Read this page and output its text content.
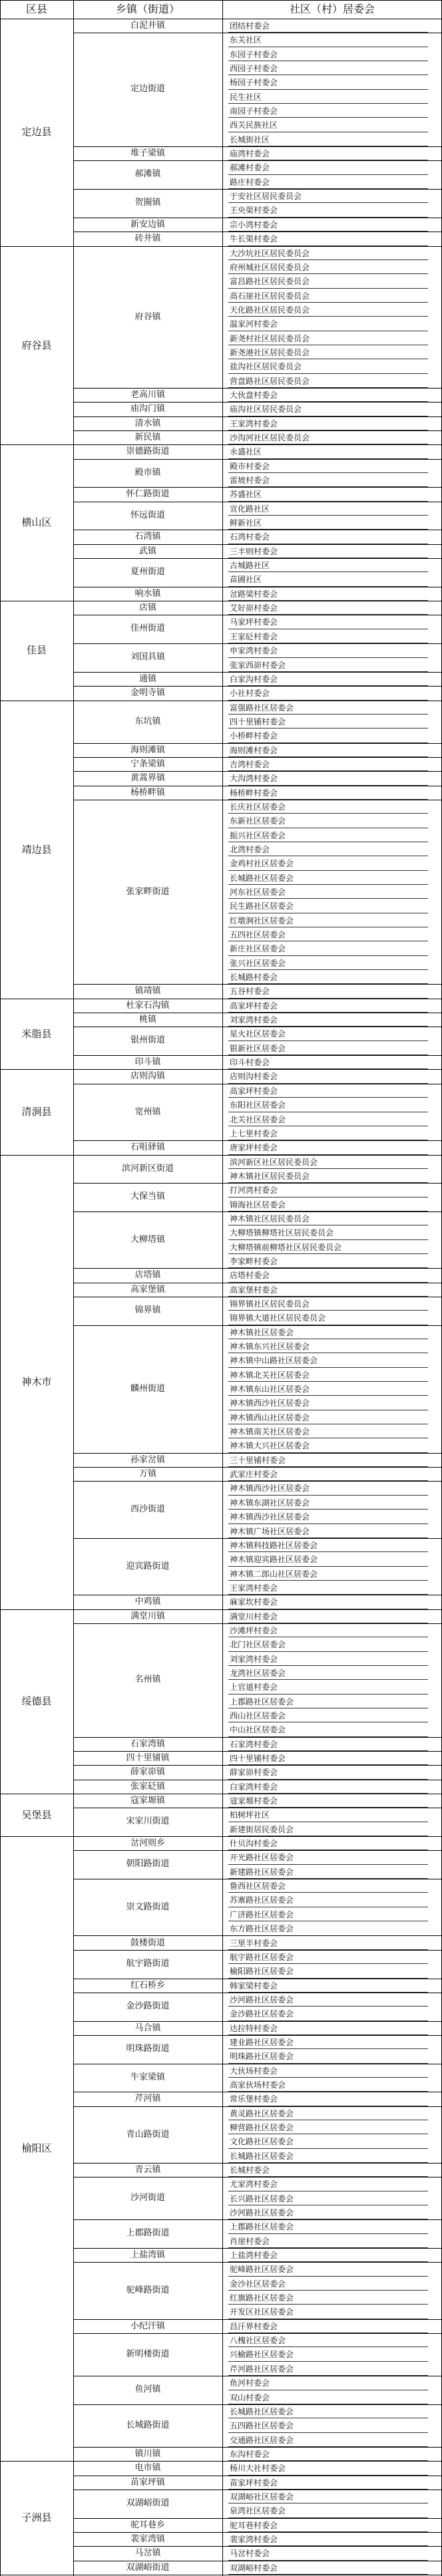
区县	乡镇（街道）	社区（村）居委会
团结村委会
白泥井镇
东关社区
东园子村委会
西园子村委会
杨园子村委会
民生社区
南园子村委会
西关民族社区
长城街社区
定边街道
庙湾村委会
堆子梁镇
郝滩村委会
路庄村委会
郝滩镇
于安社区居民委员会
王央渠村委会
贺圈镇
宗小湾村委会
新安边镇
牛长渠村委会
砖井镇
定边县
大沙坑社区居民委员会
府州城社区居民委员会
富昌路社区居民委员会
高石崖社区居民委员会
天化路社区居民委员会
温家河村委会
新尧村社区居民委员会
新尧港社区居民委员会
盐沟社区居民委员会
营盘路社区居民委员会
府谷镇
大伙盘村委会
老高川镇
庙沟社区居民委员会
庙沟门镇
王家湾村委会
清水镇
沙沟河社区居民委员会
新民镇
府谷县
永盛社区
崇德路街道
殿市村委会
雷坡村委会
殿市镇
苏盛社区
怀仁路街道
宣化路社区
鲜新社区
怀远街道
石湾村委会
石湾镇
三丰则村委会
武镇
古城路社区
苗圃社区
夏州街道
岔路梁村委会
响水镇
横山区
艾好峁村委会
店镇
马家坪村委会
王家砭村委会
佳州街道
申家湾村委会
张家西峁村委会
刘国具镇
白家沟村委会
通镇
小社村委会
金明寺镇
佳县
富强路社区居委会
四十里铺村委会
小桥畔村委会
东坑镇
海则滩村委会
海则滩镇
吉湾村委会
宁条梁镇
大沟湾村委会
黄蒿界镇
杨桥畔村委会
杨桥畔镇
长庆社区居委会
东新社区居委会
振兴社区居委会
北湾村委会
金鸡村社区居委会
长城路社区居委会
河东社区居委会
民生路社区居委会
红墩涧社区居委会
五四社区居委会
新庄社区居委会
张兴社区居委会
长城路村委会
张家畔街道
五谷村委会
镇靖镇
靖边县
高家坪村委会
杜家石沟镇
刘家湾村委会
桃镇
星火社区居委会
银新社区居委会
银州街道
印斗村委会
印斗镇
米脂县
店则沟村委会
店则沟镇
高家坪村委会
东阳社区居委会
北关社区居委会
上七里村委会
宽州镇
唐家坪村委会
石咀驿镇
清涧县
滨河新区社区居民委员会
神木镇社区居民委员会
滨河新区街道
打河湾村委会
锦海社区居委会
大保当镇
神木镇社区居民委员会
大柳塔镇柳塔社区居民委员会
大柳塔镇前柳塔社区居民委员会
李家畔村委会
大柳塔镇
店塔村委会
店塔镇
高家堡村委会
高家堡镇
锦界镇社区居民委员会
锦界镇大道社区居民委员会
锦界镇
神木镇社区居委会
神木镇东兴社区居委会
神木镇中山路社区居委会
神木镇北关社区居委会
神木镇东山社区居委会
神木镇西沙社区居委会
神木镇西山社区居委会
神木镇南关社区居委会
神木镇大兴社区居委会
麟州街道
三十里铺村委会
孙家岔镇
武家庄村委会
万镇
神木镇西沙社区居委会
神木镇东湖社区居委会
神木镇西沙社区居委会
神木镇广场社区居委会
西沙街道
神木镇科技路社区居委会
神木镇迎宾路社区居委会
神木镇二郎山社区居委会
王家湾村委会
迎宾路街道
麻家坎村委会
中鸡镇
神木市
满堂川村委会
满堂川镇
沙滩坪村委会
北门社区居委会
刘家湾村委会
龙湾社区居委会
上官道村委会
上郡路社区居委会
西山社区居委会
中山社区居委会
名州镇
石家湾村委会
石家湾镇
四十里铺村委会
四十里铺镇
薛家峁村委会
薛家峁镇
白家湾村委会
张家砭镇
绥德县
寇家塬村委会
寇家塬镇
柏树坪社区
新建街居民委员会
宋家川街道
吴堡县
什贝沟村委会
岔河则乡
开光路社区居委会
新建路社区居委会
朝阳路街道
鲁西社区居委会
苏寨路社区居委会
广济路社区居委会
东方路社区居委会
崇文路街道
三里半村委会
鼓楼街道
航宇路社区居委会
榆阳路社区居委会
航宇路街道
韩家梁村委会
红石桥乡
沙河路社区居委会
金沙路社区居委会
金沙路街道
达拉特村委会
马合镇
建业路社区居委会
明珠路社区居委会
明珠路街道
大伙场村委会
高家伙场村委会
牛家梁镇
常乐堡村委会
芹河镇
黄灵路社区居委会
柳营路社区居委会
文化路社区居委会
长城路社区居委会
青山路街道
长城村委会
青云镇
尤家湾村委会
长兴路社区居委会
沙河路社区居委会
沙河街道
上郡路社区居委会
肖崖村委会
上郡路街道
上盐湾村委会
上盐湾镇
驼峰路社区居委会
金沙社区居委会
红旗路社区居委会
开发区社区居委会
驼峰路街道
昌汗界村委会
小纪汗镇
八槐社区居委会
兴榆路社区居委会
芹河路社区居委会
新明楼街道
鱼河村委会
双山村委会
鱼河镇
长城路社区居委会
五四路社区居委会
交通路社区居委会
长城路街道
东沟村委会
镇川镇
榆阳区
杨川大社村委会
电市镇
苗家坪村委会
苗家坪镇
双湖峪社区居委会
泉湾社区居委会
双湖峪街道
驼耳巷村委会
驼耳巷乡
裴家湾村委会
裴家湾镇
马岔村委会
马岔镇
双湖峪村委会
双湖峪街道
子洲县
